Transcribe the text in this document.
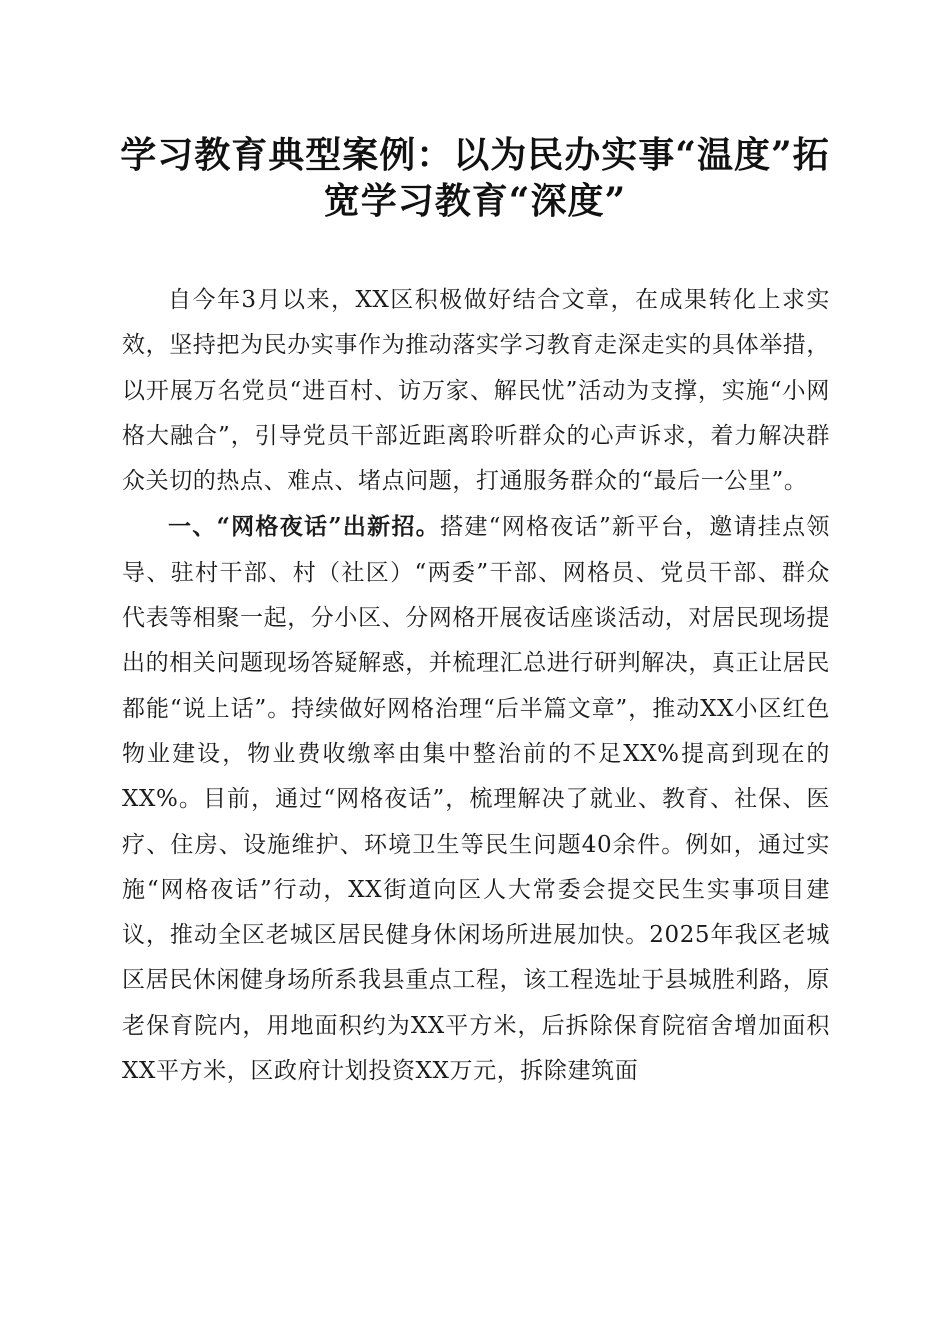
学习教育典型案例：以为民办实事“温度”拓
宽学习教育“深度”

自今年3月以来，XX区积极做好结合文章，在成果转化上求实效，坚持把为民办实事作为推动落实学习教育走深走实的具体举措，以开展万名党员“进百村、访万家、解民忧”活动为支撑，实施“小网格大融合”，引导党员干部近距离聆听群众的心声诉求，着力解决群众关切的热点、难点、堵点问题，打通服务群众的“最后一公里”。

一、“网格夜话”出新招。搭建“网格夜话”新平台，邀请挂点领导、驻村干部、村（社区）“两委”干部、网格员、党员干部、群众代表等相聚一起，分小区、分网格开展夜话座谈活动，对居民现场提出的相关问题现场答疑解惑，并梳理汇总进行研判解决，真正让居民都能“说上话”。持续做好网格治理“后半篇文章”，推动XX小区红色物业建设，物业费收缴率由集中整治前的不足XX%提高到现在的XX%。目前，通过“网格夜话”，梳理解决了就业、教育、社保、医疗、住房、设施维护、环境卫生等民生问题40余件。例如，通过实施“网格夜话”行动，XX街道向区人大常委会提交民生实事项目建议，推动全区老城区居民健身休闲场所进展加快。2025年我区老城区居民休闲健身场所系我县重点工程，该工程选址于县城胜利路，原老保育院内，用地面积约为XX平方米，后拆除保育院宿舍增加面积XX平方米，区政府计划投资XX万元，拆除建筑面
